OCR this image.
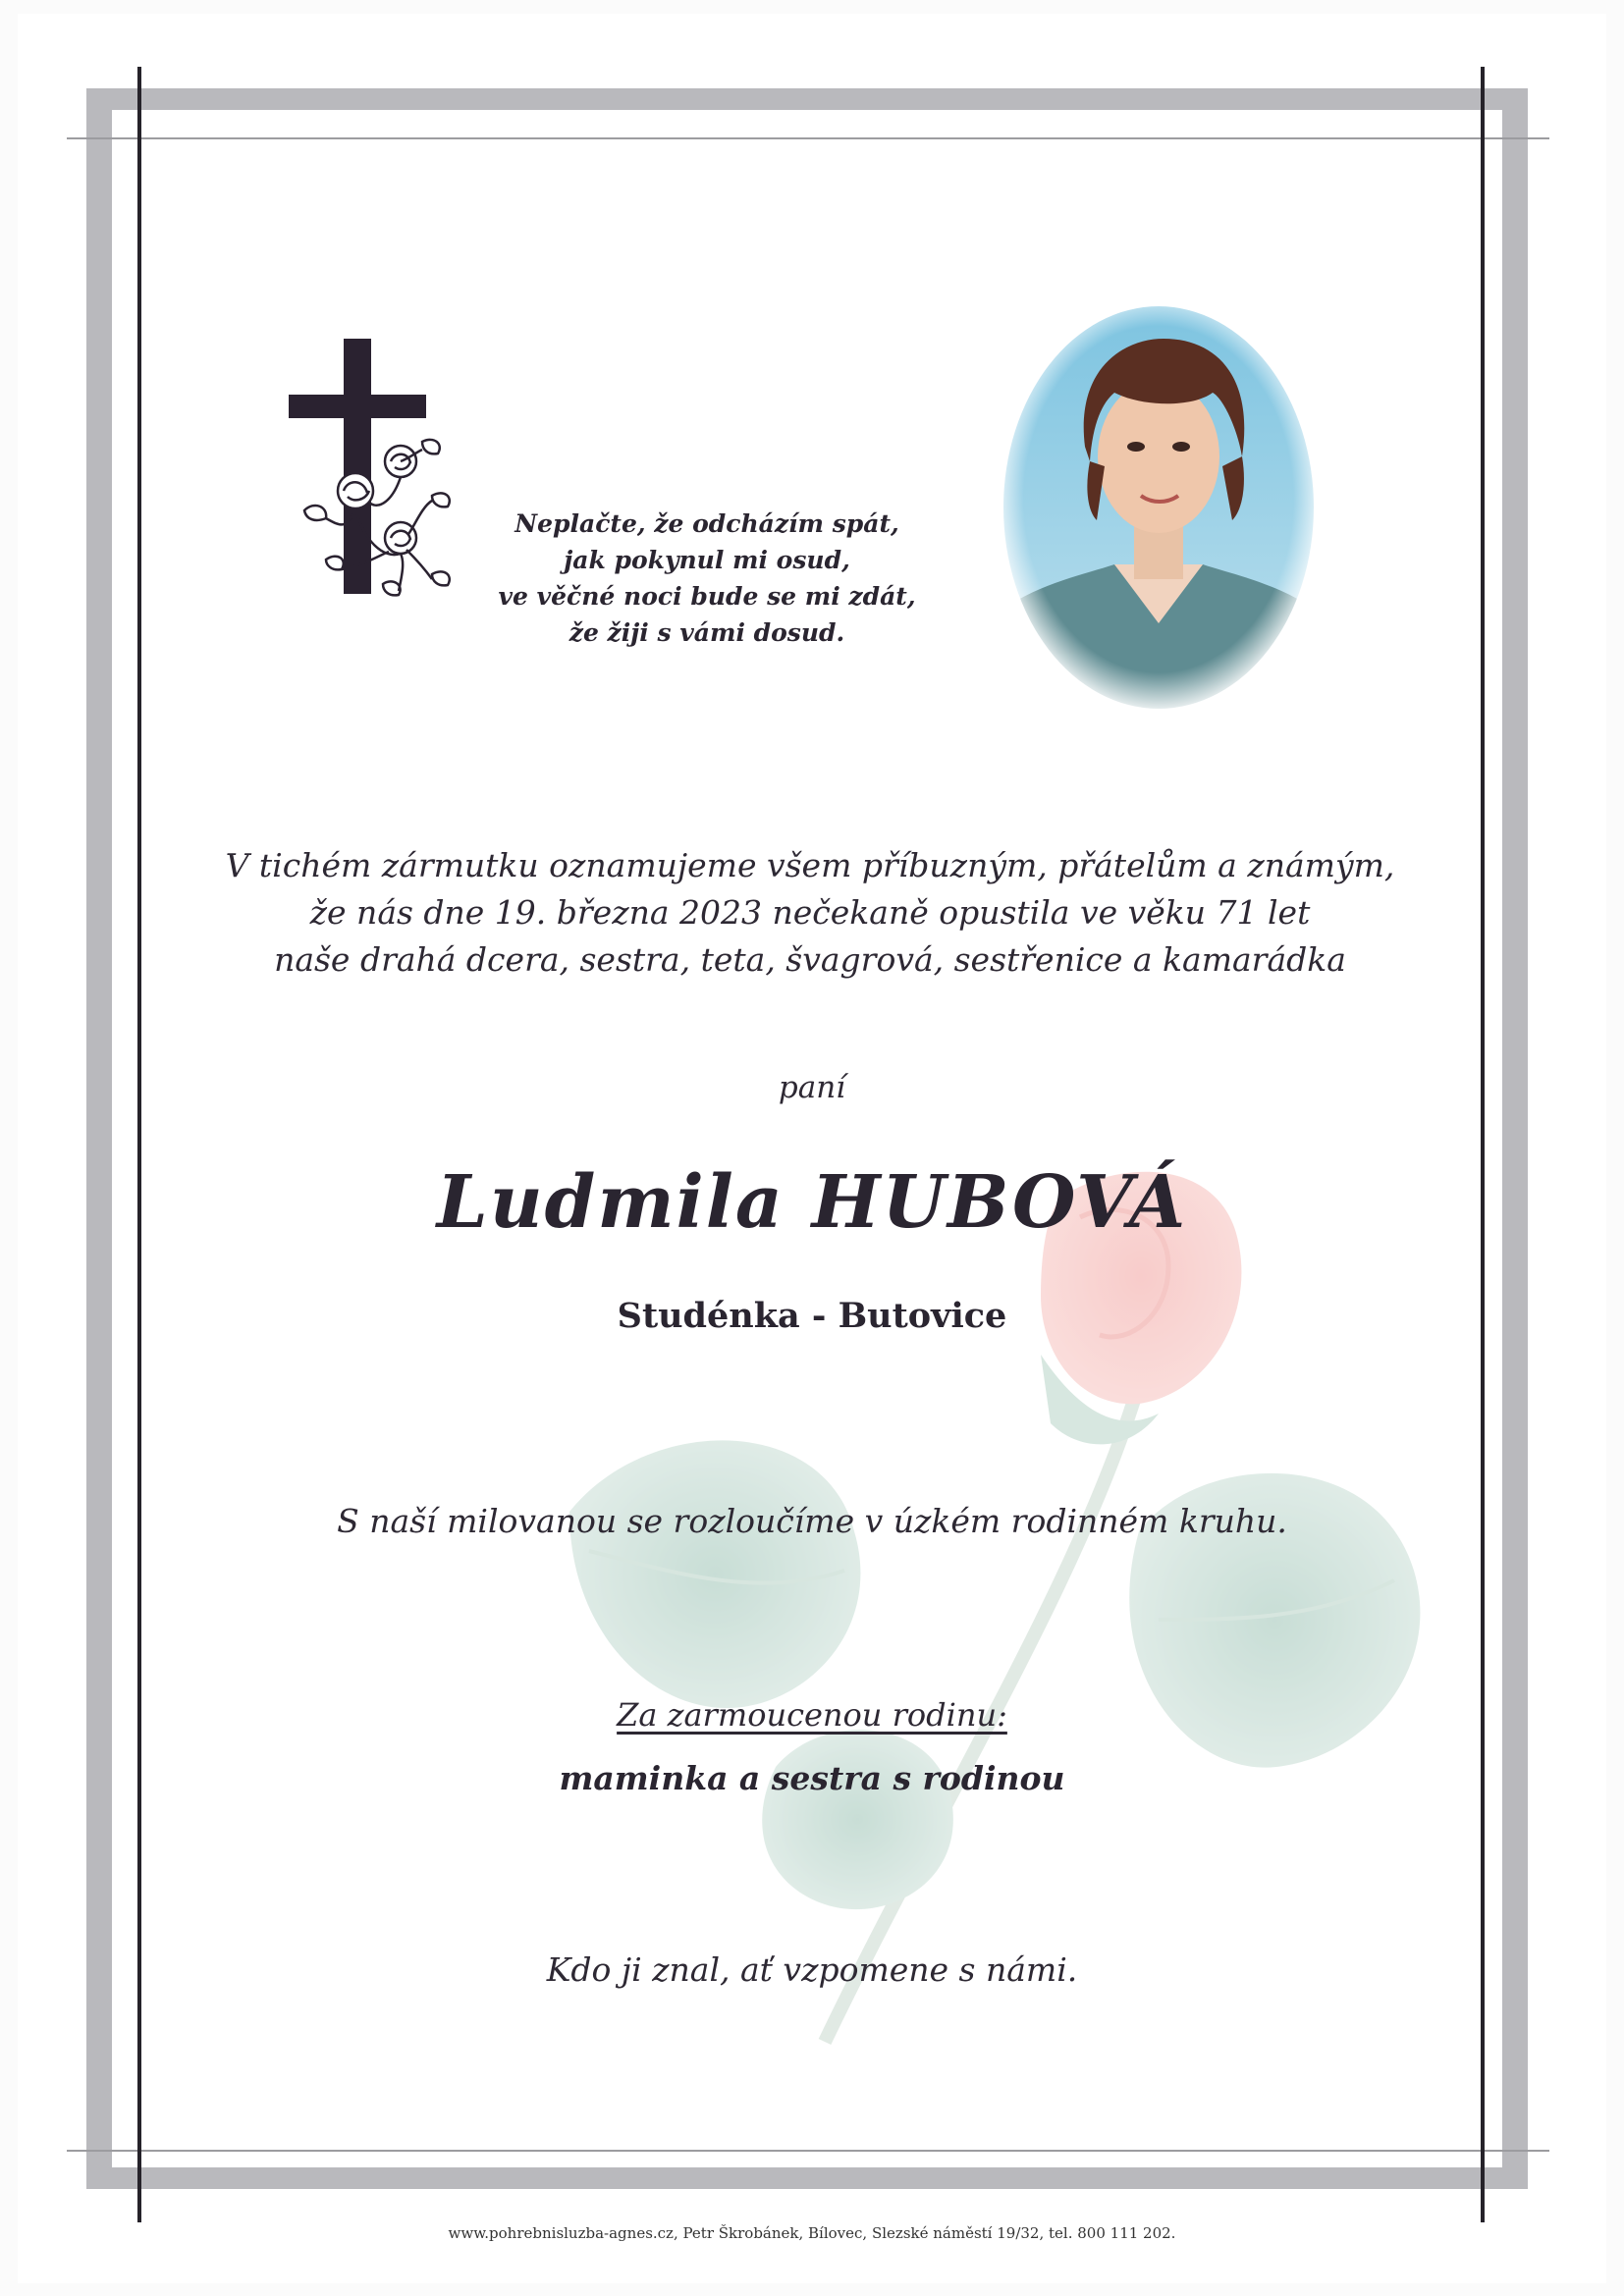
Neplačte, že odcházím spát,
jak pokynul mi osud,
ve věčné noci bude se mi zdát,
že žiji s vámi dosud.
V tichém zármutku oznamujeme všem příbuzným, přátelům a známým,
že nás dne 19. března 2023 nečekaně opustila ve věku 71 let
naše drahá dcera, sestra, teta, švagrová, sestřenice a kamarádka
paní
Ludmila HUBOVÁ
Studénka - Butovice
S naší milovanou se rozloučíme v úzkém rodinném kruhu.
Za zarmoucenou rodinu:
maminka a sestra s rodinou
Kdo ji znal, ať vzpomene s námi.
www.pohrebnisluzba-agnes.cz, Petr Škrobánek, Bílovec, Slezské náměstí 19/32, tel. 800 111 202.
